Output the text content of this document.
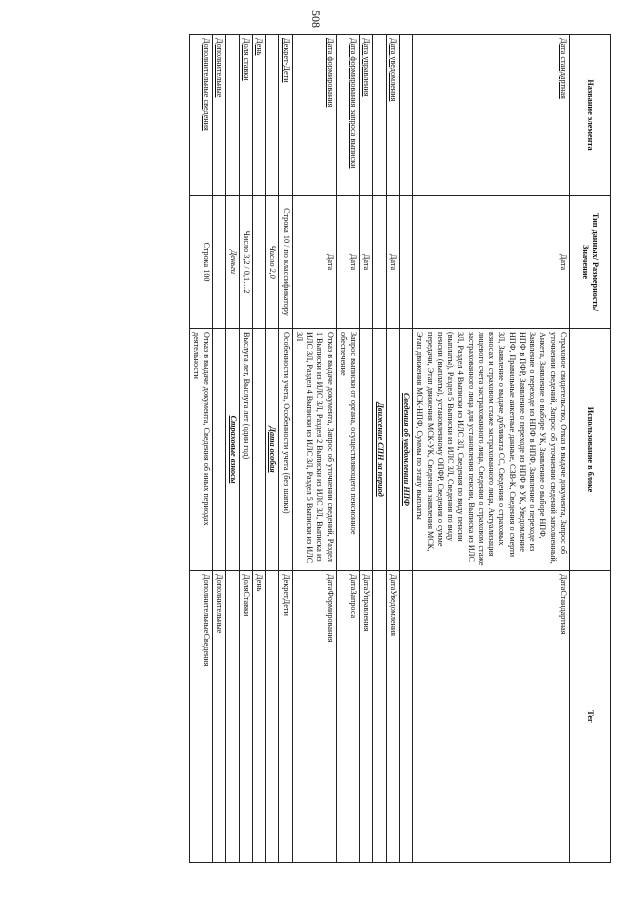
508
Название элемента	Тип данных/ Размерность/ Значение	Использование в блоке	Тег
Дата стандартная	Дата	Страховое свидетельство, Отказ в выдаче документа, Запрос об уточнении сведений, Запрос об уточнении сведений заполненный, Анкета, Заявление о выборе УК, Заявление о выборе НПФ, Заявление о переходе из НПФ в НПФ, Заявление о переходе из НПФ в ПФР, Заявление о переходе из НПФ в УК, Уведомление НПФ, Правильные анкетные данные, СЗВ-К, Сведения о смерти ЗЛ, Заявление о выдаче дубликата СС, Сведения о страховых взносах и страховом стаже застрахованного лица, Актуализация лицевого счета застрахованного лица, Сведения о страховом стаже застрахованного лица для установления пенсии, Выписка из ИЛС ЗЛ, Раздел 4 Выписки из ИЛС ЗЛ, Сведения по виду пенсии (выплаты), Раздел 5 Выписки из ИЛС ЗЛ, Сведения по виду пенсии (выплаты), установленному ОПФР, Сведения о сумме передачи, Этап движения МСК-УК, Сведения заявления МСК, Этап движения МСК-НПФ, Суммы по этапу выплаты	ДатаСтандартная
		Сведения об уведомлении НПФ	
Дата уведомления	Дата		ДатаУведомления
		Движение СПН за период	
Дата управления	Дата		ДатаУправления
Дата формирования запроса выписки	Дата	Запрос выписки от органа, осуществляющего пенсионное обеспечение	ДатаЗапроса
Дата формирования	Дата	Отказ в выдаче документа, Запрос об уточнении сведений, Раздел 1 Выписки из ИЛС ЗЛ, Раздел 2 Выписки из ИЛС ЗЛ, Выписка из ИЛС ЗЛ, Раздел 4 Выписки из ИЛС ЗЛ, Раздел 5 Выписки из ИЛС ЗЛ	ДатаФормирования
Декрет-Дети	Строка 10 / по классификатору	Особенности учета, Особенности учета (без шапки)	ДекретДети
	Число 2,0	Дата особая	
День			День
Доля ставки	Число 3,2 / 0,1…2	Выслуга лет, Выслуга лет (один год)	ДоляСтавки
	Деньги	Страховые взносы	
Дополнительные			Дополнительные
Дополнительные сведения	Строка 100	Отказ в выдаче документа, Сведения об иных периодах деятельности	ДополнительныеСведения
